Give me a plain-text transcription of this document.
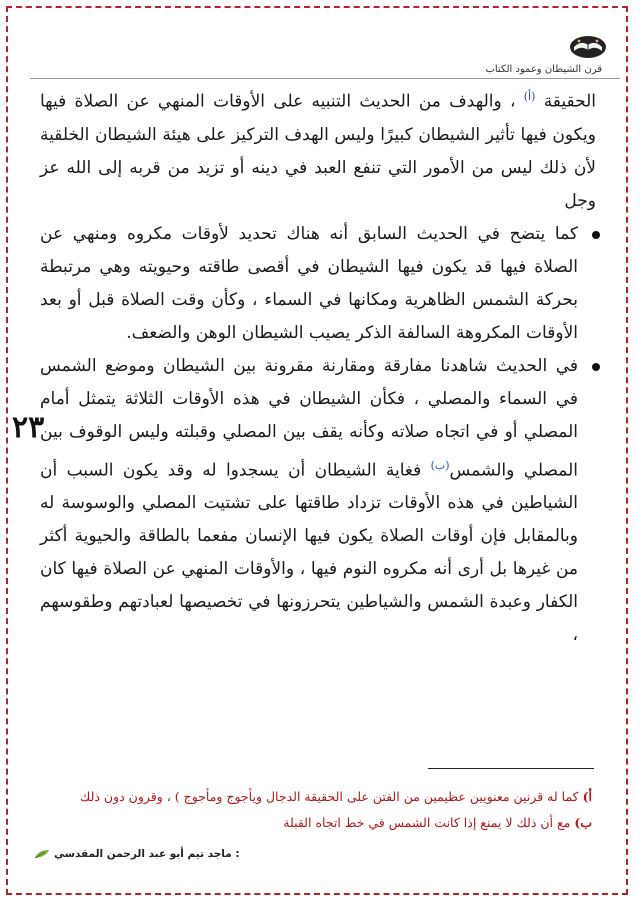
قرن الشيطان وعمود الكتاب
٢٣

الحقيقة $^{(أ)}$ ، والهدف من الحديث التنبيه على الأوقات المنهي عن الصلاة فيها ويكون فيها تأثير الشيطان كبيرًا وليس الهدف التركيز على هيئة الشيطان الخلقية لأن ذلك ليس من الأمور التي تنفع العبد في دينه أو تزيد من قربه إلى الله عز وجل

كما يتضح في الحديث السابق أنه هناك تحديد لأوقات مكروه ومنهي عن الصلاة فيها قد يكون فيها الشيطان في أقصى طاقته وحيويته وهي مرتبطة بحركة الشمس الظاهرية ومكانها في السماء ، وكأن وقت الصلاة قبل أو بعد الأوقات المكروهة السالفة الذكر يصيب الشيطان الوهن والضعف.
في الحديث شاهدنا مفارقة ومقارنة مقرونة بين الشيطان وموضع الشمس في السماء والمصلي ، فكأن الشيطان في هذه الأوقات الثلاثة يتمثل أمام المصلي أو في اتجاه صلاته وكأنه يقف بين المصلي وقبلته وليس الوقوف بين المصلي والشمس$^{(ب)}$ فغاية الشيطان أن يسجدوا له وقد يكون السبب أن الشياطين في هذه الأوقات تزداد طاقتها على تشتيت المصلي والوسوسة له وبالمقابل فإن أوقات الصلاة يكون فيها الإنسان مفعما بالطاقة والحيوية أكثر من غيرها بل أرى أنه مكروه النوم فيها ، والأوقات المنهي عن الصلاة فيها كان الكفار وعبدة الشمس والشياطين يتحرزونها في تخصيصها لعبادتهم وطقوسهم ،

أ) كما له قرنين معنويين عظيمين من الفتن على الحقيقة الدجال ويأجوج ومأجوج ) ، وقرون دون ذلك

ب) مع أن ذلك لا يمنع إذا كانت الشمس في خط اتجاه القبلة

: ماجد تيم أبو عبد الرحمن المقدسي
